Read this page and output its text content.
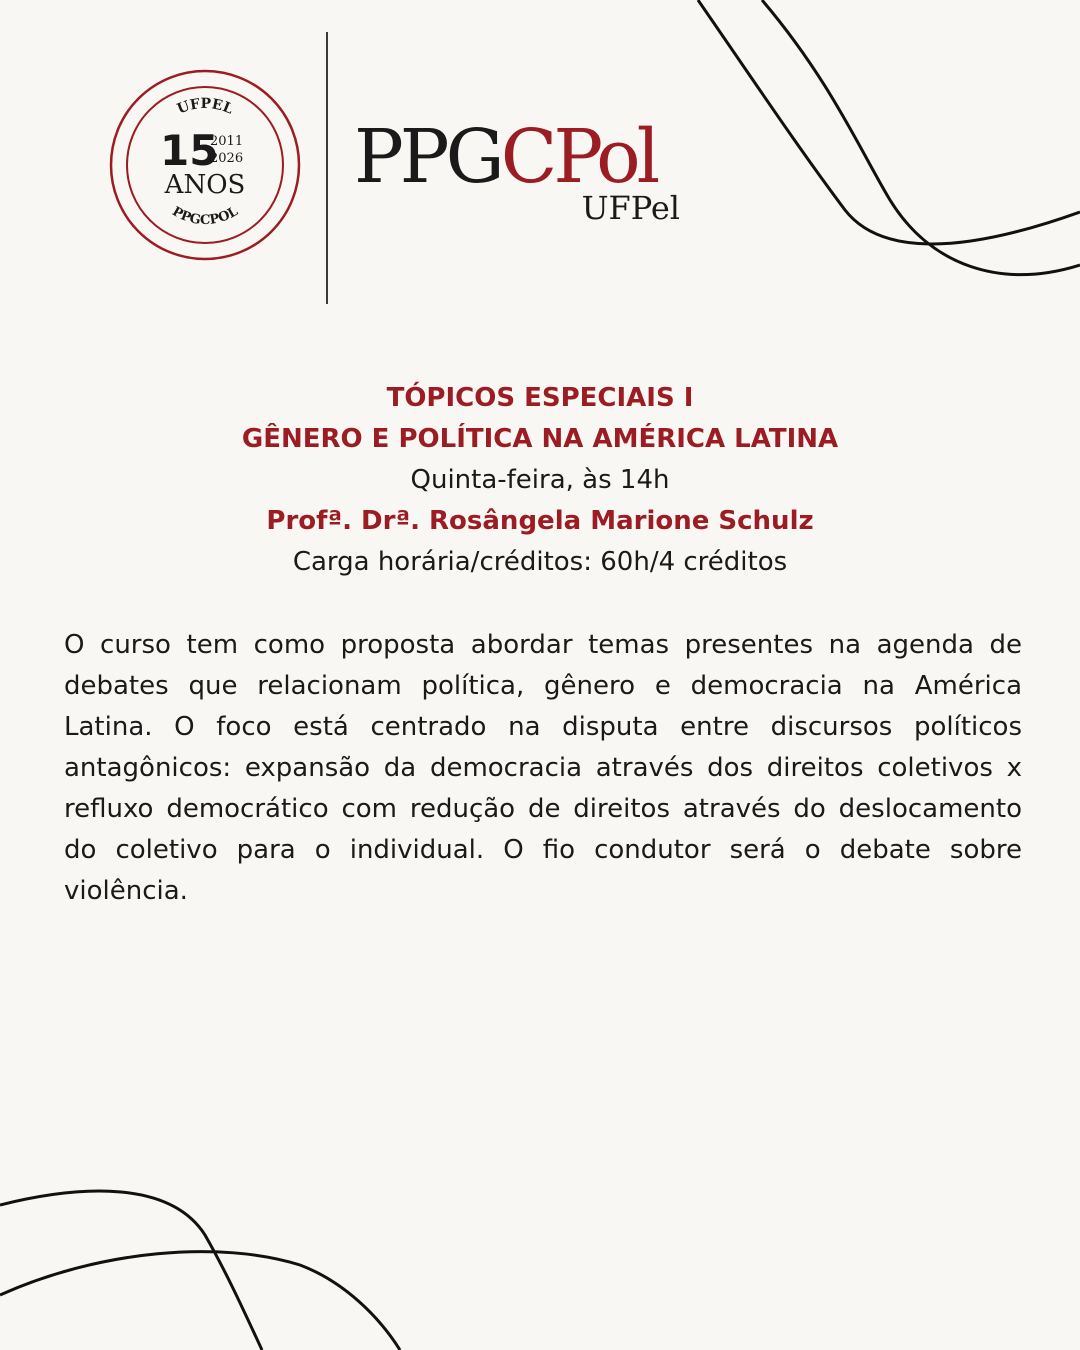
UFPEL
PPGCPOL
15
2011
2026
ANOS PPGCPol
UFPel
TÓPICOS ESPECIAIS I
GÊNERO E POLÍTICA NA AMÉRICA LATINA
Quinta-feira, às 14h
Profª. Drª. Rosângela Marione Schulz
Carga horária/créditos: 60h/4 créditos

O curso tem como proposta abordar temas presentes na agenda de debates que relacionam política, gênero e democracia na América Latina. O foco está centrado na disputa entre discursos políticos antagônicos: expansão da democracia através dos direitos coletivos x refluxo democrático com redução de direitos através do deslocamento do coletivo para o individual. O fio condutor será o debate sobre violência.
